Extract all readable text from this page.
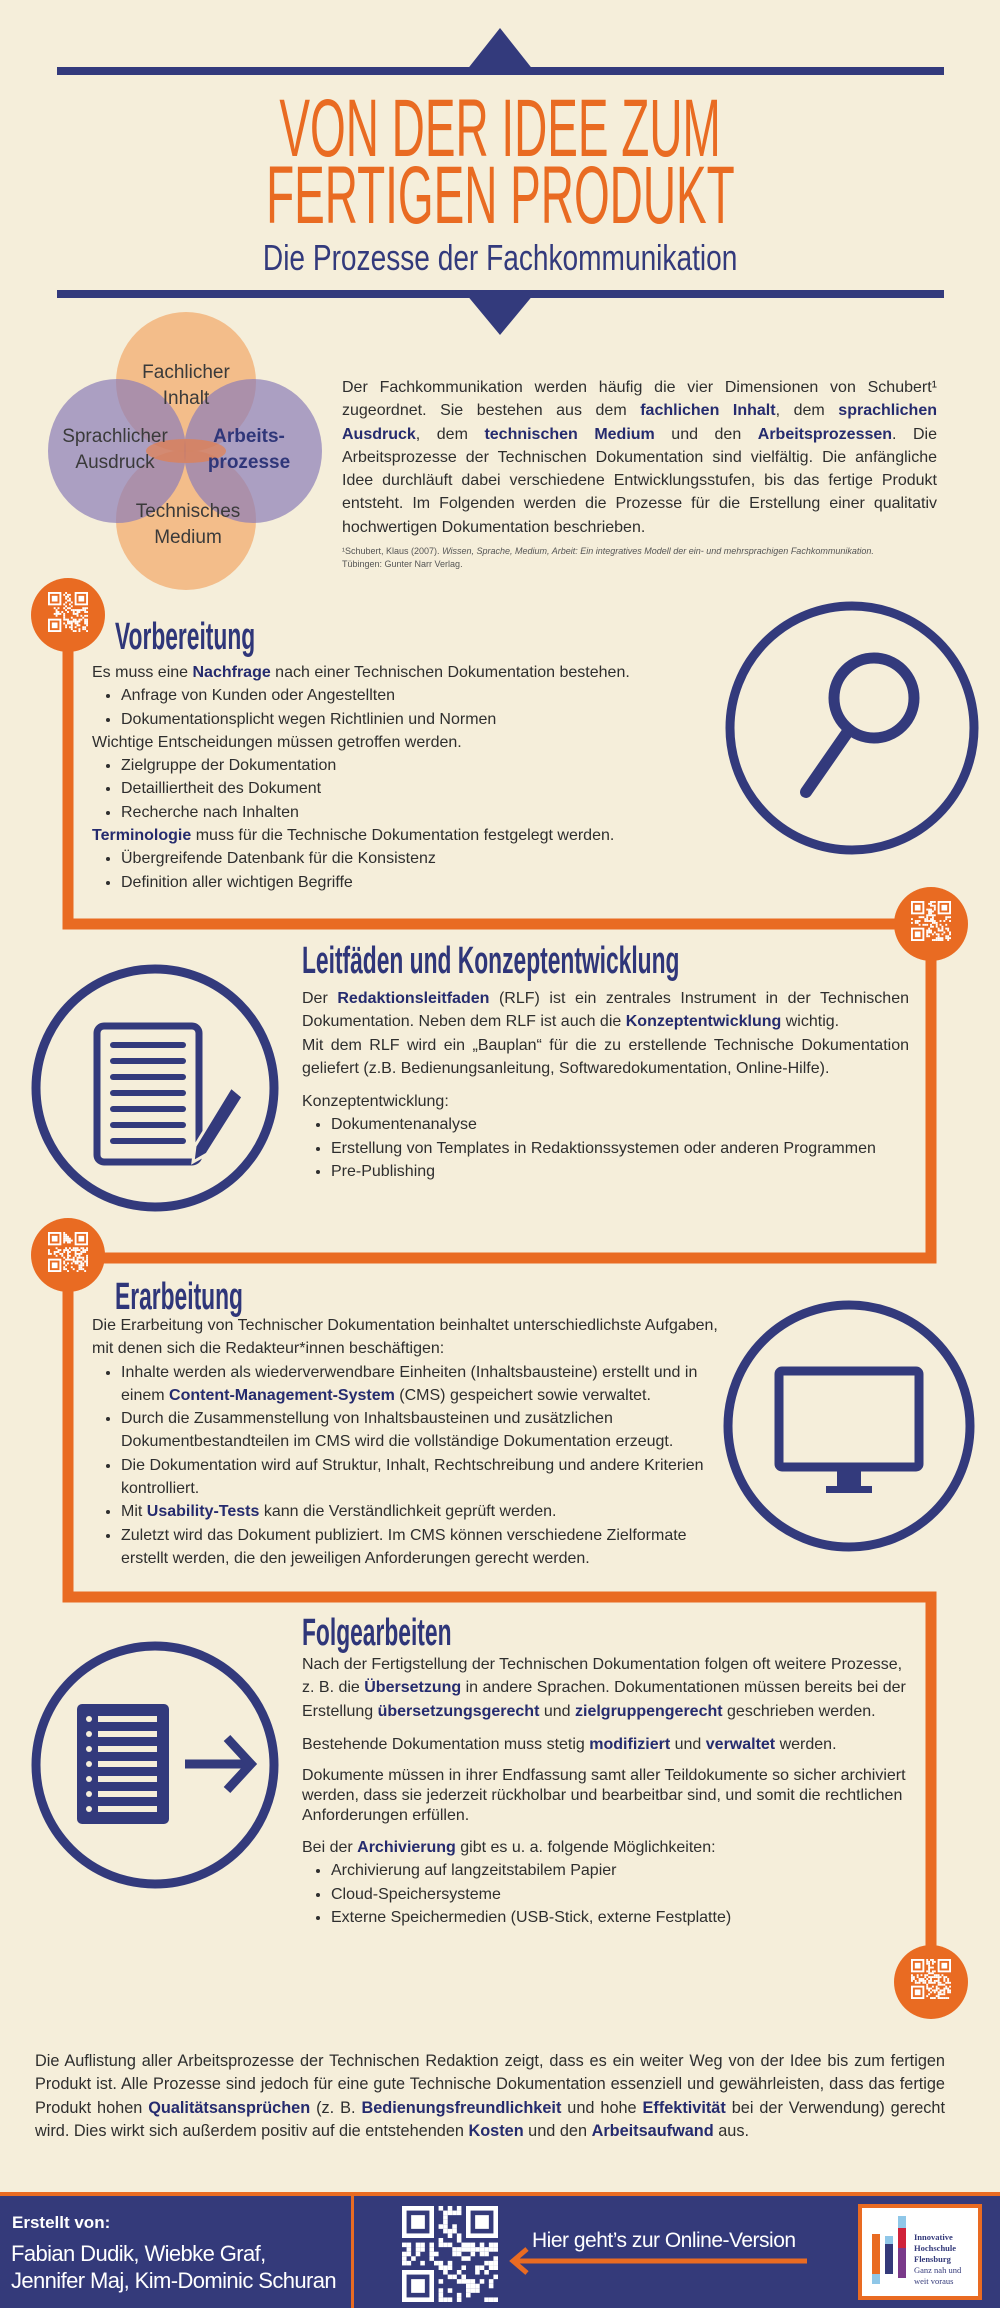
VON DER IDEE ZUM
FERTIGEN PRODUKT
Die Prozesse der Fachkommunikation
Fachlicher
Inhalt
Sprachlicher
Ausdruck
Arbeits-
prozesse
Technisches
Medium

Der Fachkommunikation werden häufig die vier Dimensionen von Schubert¹ zugeordnet. Sie bestehen aus dem fachlichen Inhalt, dem sprachlichen Ausdruck, dem technischen Medium und den Arbeitsprozessen. Die Arbeitsprozesse der Technischen Dokumentation sind vielfältig. Die anfängliche Idee durchläuft dabei verschiedene Entwicklungsstufen, bis das fertige Produkt entsteht. Im Folgenden werden die Prozesse für die Erstellung einer qualitativ hochwertigen Dokumentation beschrieben.

¹Schubert, Klaus (2007). Wissen, Sprache, Medium, Arbeit: Ein integratives Modell der ein- und mehrsprachigen Fachkommunikation.
Tübingen: Gunter Narr Verlag.
Vorbereitung

Es muss eine Nachfrage nach einer Technischen Dokumentation bestehen.

• Anfrage von Kunden oder Angestellten
• Dokumentationsplicht wegen Richtlinien und Normen

Wichtige Entscheidungen müssen getroffen werden.

• Zielgruppe der Dokumentation
• Detailliertheit des Dokument
• Recherche nach Inhalten

Terminologie muss für die Technische Dokumentation festgelegt werden.

• Übergreifende Datenbank für die Konsistenz
• Definition aller wichtigen Begriffe
Leitfäden und Konzeptentwicklung

Der Redaktionsleitfaden (RLF) ist ein zentrales Instrument in der Technischen Dokumentation. Neben dem RLF ist auch die Konzeptentwicklung wichtig.

Mit dem RLF wird ein „Bauplan“ für die zu erstellende Technische Dokumentation geliefert (z.B. Bedienungsanleitung, Softwaredokumentation, Online-Hilfe).

Konzeptentwicklung:

• Dokumentenanalyse
• Erstellung von Templates in Redaktionssystemen oder anderen Programmen
• Pre-Publishing
Erarbeitung

Die Erarbeitung von Technischer Dokumentation beinhaltet unterschiedlichste Aufgaben, mit denen sich die Redakteur*innen beschäftigen:

• Inhalte werden als wiederverwendbare Einheiten (Inhaltsbausteine) erstellt und in einem Content-Management-System (CMS) gespeichert sowie verwaltet.
• Durch die Zusammenstellung von Inhaltsbausteinen und zusätzlichen Dokumentbestandteilen im CMS wird die vollständige Dokumentation erzeugt.
• Die Dokumentation wird auf Struktur, Inhalt, Rechtschreibung und andere Kriterien kontrolliert.
• Mit Usability-Tests kann die Verständlichkeit geprüft werden.
• Zuletzt wird das Dokument publiziert. Im CMS können verschiedene Zielformate erstellt werden, die den jeweiligen Anforderungen gerecht werden.
Folgearbeiten

Nach der Fertigstellung der Technischen Dokumentation folgen oft weitere Prozesse, z. B. die Übersetzung in andere Sprachen. Dokumentationen müssen bereits bei der Erstellung übersetzungsgerecht und zielgruppengerecht geschrieben werden.

Bestehende Dokumentation muss stetig modifiziert und verwaltet werden.

Dokumente müssen in ihrer Endfassung samt aller Teildokumente so sicher archiviert werden, dass sie jederzeit rückholbar und bearbeitbar sind, und somit die rechtlichen Anforderungen erfüllen.

Bei der Archivierung gibt es u. a. folgende Möglichkeiten:

• Archivierung auf langzeitstabilem Papier
• Cloud-Speichersysteme
• Externe Speichermedien (USB-Stick, externe Festplatte)

Die Auflistung aller Arbeitsprozesse der Technischen Redaktion zeigt, dass es ein weiter Weg von der Idee bis zum fertigen Produkt ist. Alle Prozesse sind jedoch für eine gute Technische Dokumentation essenziell und gewährleisten, dass das fertige Produkt hohen Qualitätsansprüchen (z. B. Bedienungsfreundlichkeit und hohe Effektivität bei der Verwendung) gerecht wird. Dies wirkt sich außerdem positiv auf die entstehenden Kosten und den Arbeitsaufwand aus.

Erstellt von:
Fabian Dudik, Wiebke Graf,
Jennifer Maj, Kim-Dominic Schuran
Hier geht’s zur Online-Version	Innovative
Hochschule
Flensburg
Ganz nah und
weit voraus
